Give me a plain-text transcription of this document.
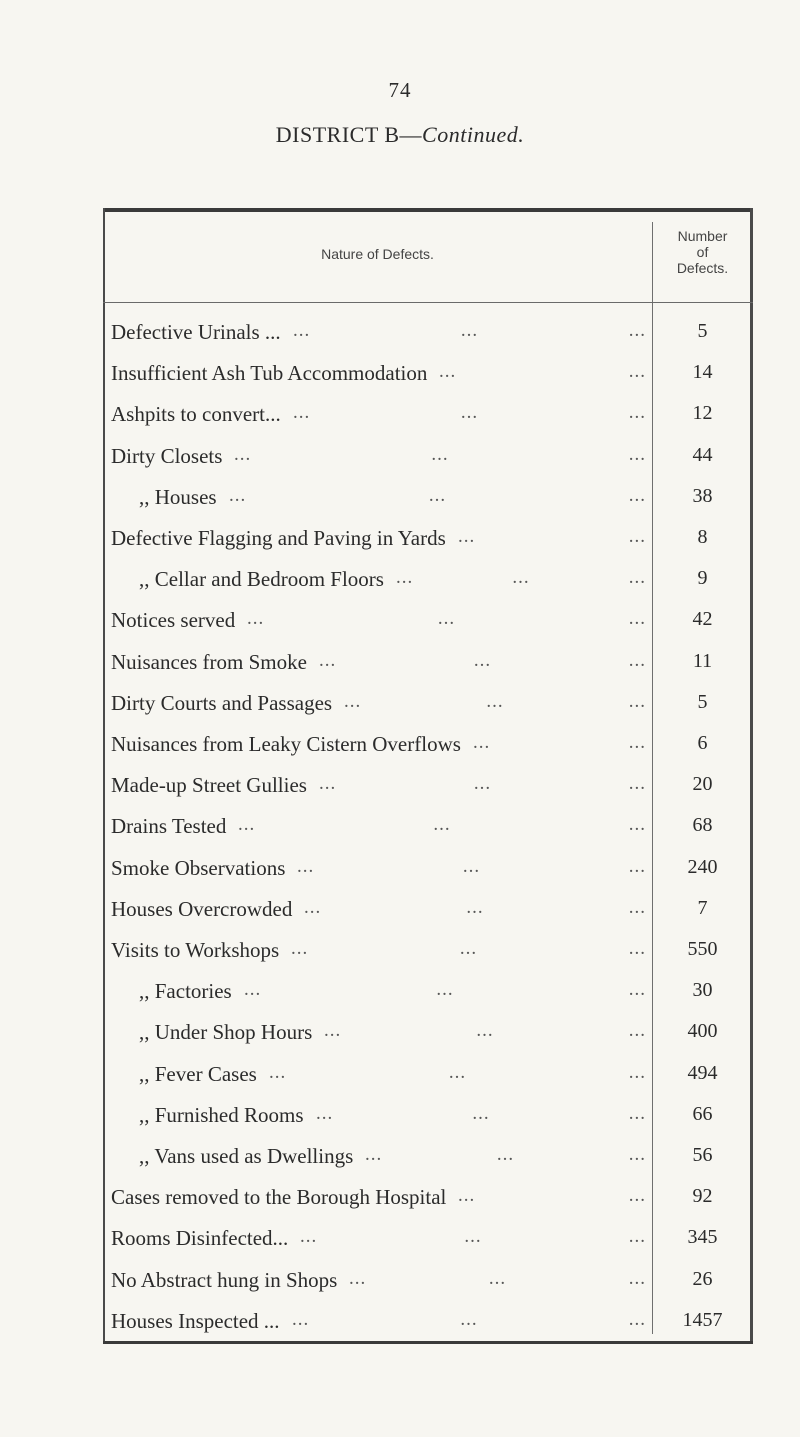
74
DISTRICT B—Continued.
Nature of Defects.
Number
of
Defects.
Defective Urinals ...	5
...	...	...
Insufficient Ash Tub Accommodation	14
...	...
Ashpits to convert...	12
...	...	...
Dirty Closets	44
...	...	...
,, Houses	38
...	...	...
Defective Flagging and Paving in Yards	8
...	...
,, Cellar and Bedroom Floors	9
...	...	...
Notices served	42
...	...	...
Nuisances from Smoke	11
...	...	...
Dirty Courts and Passages	5
...	...	...
Nuisances from Leaky Cistern Overflows	6
...	...
Made-up Street Gullies	20
...	...	...
Drains Tested	68
...	...	...
Smoke Observations	240
...	...	...
Houses Overcrowded	7
...	...	...
Visits to Workshops	550
...	...	...
,, Factories	30
...	...	...
,, Under Shop Hours	400
...	...	...
,, Fever Cases	494
...	...	...
,, Furnished Rooms	66
...	...	...
,, Vans used as Dwellings	56
...	...	...
Cases removed to the Borough Hospital	92
...	...
Rooms Disinfected...	345
...	...	...
No Abstract hung in Shops	26
...	...	...
Houses Inspected ...	1457
...	...	...
